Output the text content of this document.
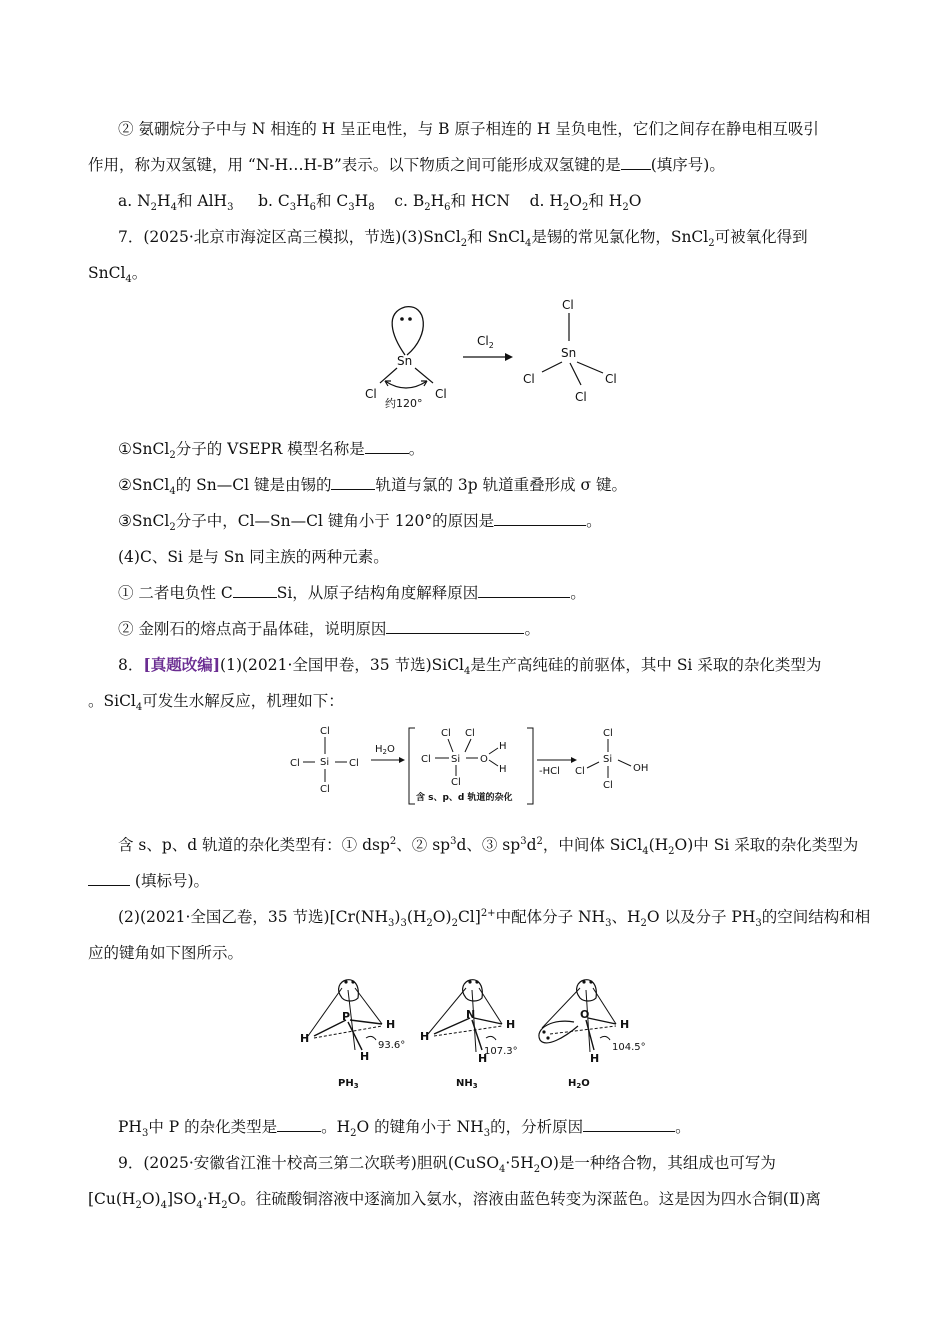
② 氨硼烷分子中与 N 相连的 H 呈正电性，与 B 原子相连的 H 呈负电性，它们之间存在静电相互吸引
作用，称为双氢键，用 “N-H…H-B”表示。以下物质之间可能形成双氢键的是 (填序号)。
a. $N_2H_4$和 AlH$_3$ b. $C_3H_6$和 $C_3H_8$ c. $B_2H_6$和 HCN d. $H_2O_2$和 $H_2O$
7．(2025·北京市海淀区高三模拟，节选)(3)SnCl$_2$和 SnCl$_4$是锡的常见氯化物，SnCl$_2$可被氧化得到
SnCl$_4$。
Sn
Cl	Cl
约120°
$Cl_2$
Cl
Sn
Cl	Cl
Cl
①SnCl$_2$分子的 VSEPR 模型名称是	。
②SnCl$_4$的 Sn—Cl 键是由锡的	轨道与氯的 3p 轨道重叠形成 σ 键。
③SnCl$_2$分子中，Cl—Sn—Cl 键角小于 120°的原因是	。
(4)C、Si 是与 Sn 同主族的两种元素。
① 二者电负性 C	Si，从原子结构角度解释原因	。
② 金刚石的熔点高于晶体硅，说明原因	。
8．[真题改编](1)(2021·全国甲卷，35 节选)SiCl$_4$是生产高纯硅的前驱体，其中 Si 采取的杂化类型为
。SiCl$_4$可发生水解反应，机理如下：
Cl
Si
Cl	Cl
Cl
$H_2O$
Cl Cl
Si
Cl	O
H
H
Cl
含 s、p、d 轨道的杂化
-HCl
Cl
Si
Cl	OH
Cl
含 s、p、d 轨道的杂化类型有：① dsp$^2$、② $sp^3d$、③ $sp^3d^2$，中间体 $SiCl_4(H_2O)$中 Si 采取的杂化类型为
(填标号)。
(2)(2021·全国乙卷，35 节选)$[Cr(NH_3)_3(H_2O)_2Cl]^{2+}$中配体分子 $NH_3$、$H_2O$ 以及分子 $PH_3$的空间结构和相
应的键角如下图所示。
P
H
H
H
93.6°
$PH_3$
N
H
H
H
107.3°
$NH_3$
O
H
H
104.5°
$H_2O$
$PH_3$中 P 的杂化类型是	。$H_2O$ 的键角小于 $NH_3$的，分析原因	。
9．(2025·安徽省江淮十校高三第二次联考)胆矾$(CuSO_4\cdot 5H_2O)$是一种络合物，其组成也可写为
$[Cu(H_2O)_4]SO_4\cdot H_2O$。往硫酸铜溶液中逐滴加入氨水，溶液由蓝色转变为深蓝色。这是因为四水合铜(Ⅱ)离
